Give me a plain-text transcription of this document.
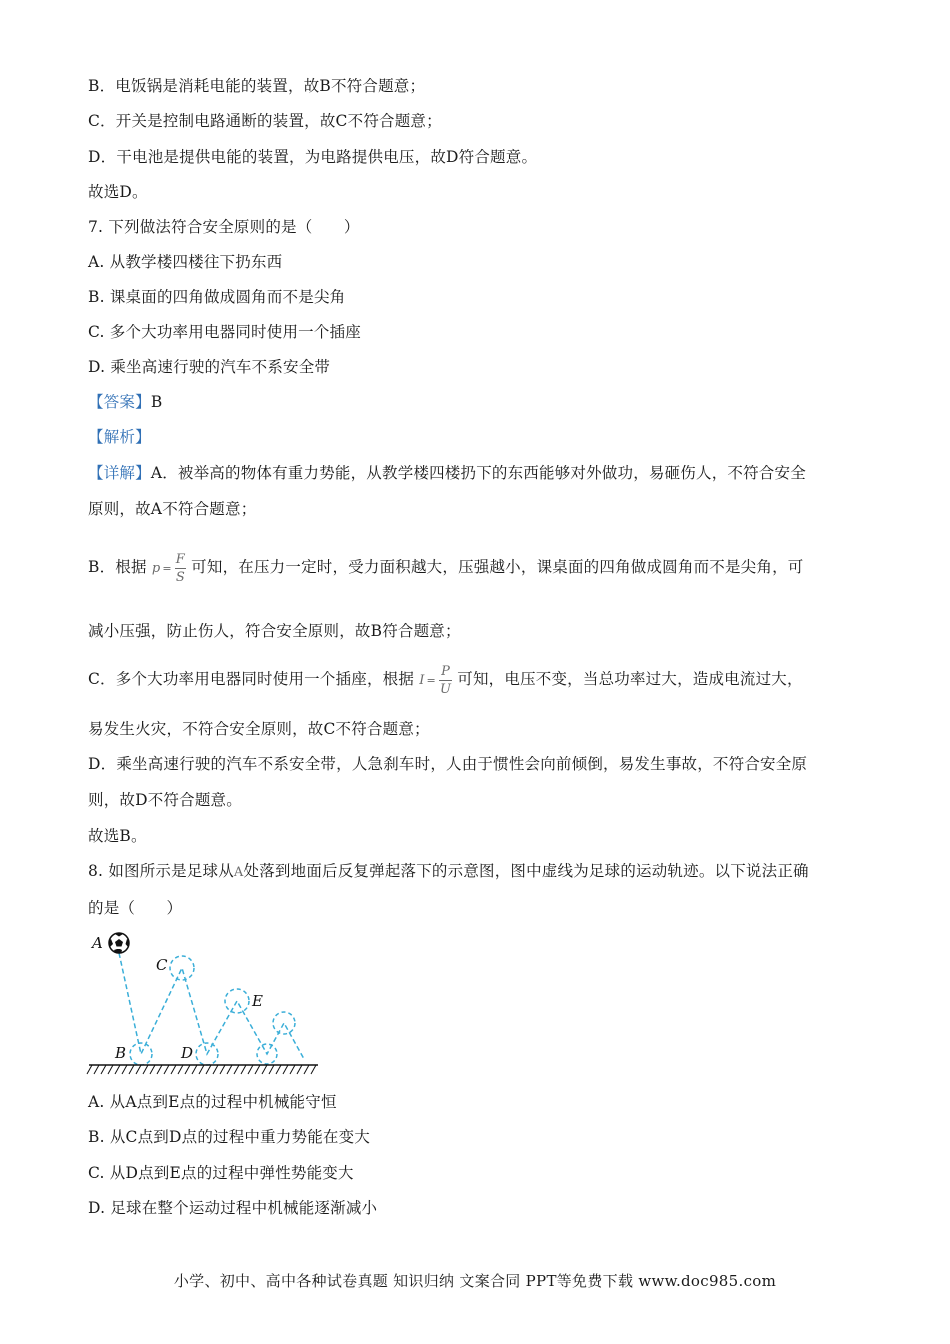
B．电饭锅是消耗电能的装置，故B不符合题意；
C．开关是控制电路通断的装置，故C不符合题意；
D．干电池是提供电能的装置，为电路提供电压，故D符合题意。
故选D。
7. 下列做法符合安全原则的是（　　）
A. 从教学楼四楼往下扔东西
B. 课桌面的四角做成圆角而不是尖角
C. 多个大功率用电器同时使用一个插座
D. 乘坐高速行驶的汽车不系安全带
【答案】B
【解析】
【详解】A．被举高的物体有重力势能，从教学楼四楼扔下的东西能够对外做功，易砸伤人，不符合安全
原则，故A不符合题意；
B．根据 $p = \frac{F}{S}$ 可知，在压力一定时，受力面积越大，压强越小，课桌面的四角做成圆角而不是尖角，可
减小压强，防止伤人，符合安全原则，故B符合题意；
C．多个大功率用电器同时使用一个插座，根据 $I = \frac{P}{U}$ 可知，电压不变，当总功率过大，造成电流过大，
易发生火灾，不符合安全原则，故C不符合题意；
D．乘坐高速行驶的汽车不系安全带，人急刹车时，人由于惯性会向前倾倒，易发生事故，不符合安全原
则，故D不符合题意。
故选B。
8. 如图所示是足球从A处落到地面后反复弹起落下的示意图，图中虚线为足球的运动轨迹。以下说法正确
的是（　　）
A
C
E
B	D
A. 从A点到E点的过程中机械能守恒
B. 从C点到D点的过程中重力势能在变大
C. 从D点到E点的过程中弹性势能变大
D. 足球在整个运动过程中机械能逐渐减小
小学、初中、高中各种试卷真题 知识归纳 文案合同 PPT等免费下载 www.doc985.com
